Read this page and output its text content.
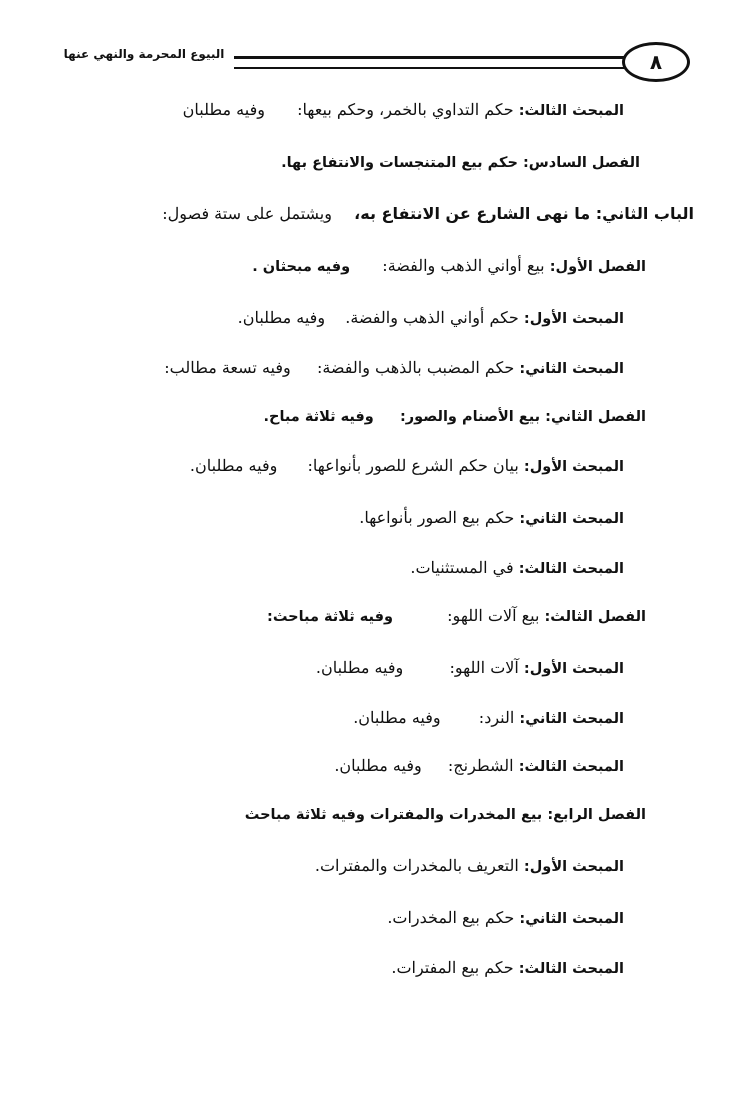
٨
البيوع المحرمة والنهي عنها
المبحث الثالث: حكم التداوي بالخمر، وحكم بيعها:  وفيه مطلبان
الفصل السادس: حكم بيع المتنجسات والانتفاع بها.
الباب الثاني: ما نهى الشارع عن الانتفاع به،  ويشتمل على ستة فصول:
الفصل الأول: بيع أواني الذهب والفضة:  وفيه مبحثان .
المبحث الأول: حكم أواني الذهب والفضة.  وفيه مطلبان.
المبحث الثاني: حكم المضبب بالذهب والفضة:  وفيه تسعة مطالب:
الفصل الثاني: بيع الأصنام والصور:  وفيه ثلاثة مباح.
المبحث الأول: بيان حكم الشرع للصور بأنواعها:  وفيه مطلبان.
المبحث الثاني: حكم بيع الصور بأنواعها.
المبحث الثالث: في المستثنيات.
الفصل الثالث: بيع آلات اللهو:  وفيه ثلاثة مباحث:
المبحث الأول: آلات اللهو:  وفيه مطلبان.
المبحث الثاني: النرد:  وفيه مطلبان.
المبحث الثالث: الشطرنج:  وفيه مطلبان.
الفصل الرابع: بيع المخدرات والمفترات وفيه ثلاثة مباحث
المبحث الأول: التعريف بالمخدرات والمفترات.
المبحث الثاني: حكم بيع المخدرات.
المبحث الثالث: حكم بيع المفترات.
